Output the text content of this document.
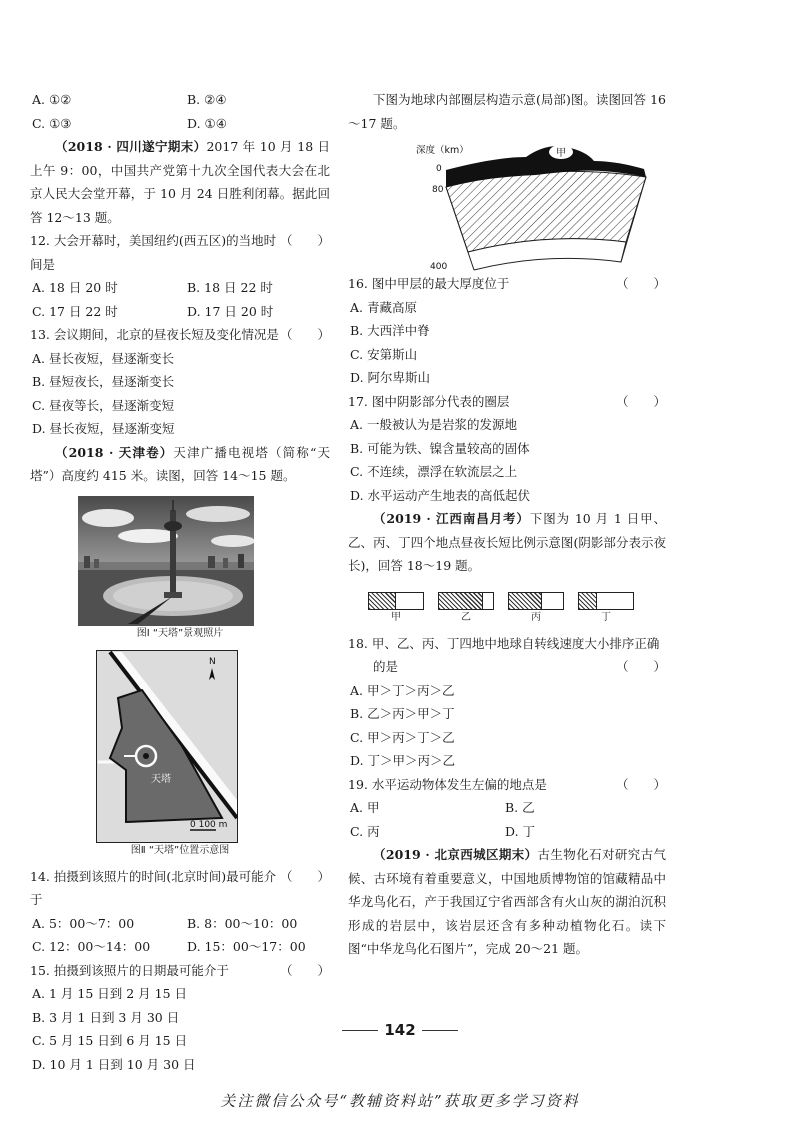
A. ①②	B. ②④
C. ①③	D. ①④
（2018 · 四川遂宁期末）2017 年 10 月 18 日上午 9：00，中国共产党第十九次全国代表大会在北京人民大会堂开幕，于 10 月 24 日胜利闭幕。据此回答 12～13 题。
12. 大会开幕时，美国纽约(西五区)的当地时间是
（　　）
A. 18 日 20 时	B. 18 日 22 时
C. 17 日 22 时	D. 17 日 20 时
13. 会议期间，北京的昼夜长短及变化情况是 （　　）
A. 昼长夜短，昼逐渐变长
B. 昼短夜长，昼逐渐变长
C. 昼夜等长，昼逐渐变短
D. 昼长夜短，昼逐渐变短
（2018 · 天津卷）天津广播电视塔（简称“天塔”）高度约 415 米。读图，回答 14～15 题。
图Ⅰ “天塔”景观照片
天塔
N
0 100 m
图Ⅱ “天塔”位置示意图
14. 拍摄到该照片的时间(北京时间)最可能介于
（　　）
A. 5：00～7：00	B. 8：00～10：00
C. 12：00～14：00	D. 15：00～17：00
15. 拍摄到该照片的日期最可能介于	（　　）
A. 1 月 15 日到 2 月 15 日
B. 3 月 1 日到 3 月 30 日
C. 5 月 15 日到 6 月 15 日
D. 10 月 1 日到 10 月 30 日
下图为地球内部圈层构造示意(局部)图。读图回答 16～17 题。
深度（km）
0
80
400
甲
16. 图中甲层的最大厚度位于	（　　）
A. 青藏高原
B. 大西洋中脊
C. 安第斯山
D. 阿尔卑斯山
17. 图中阴影部分代表的圈层	（　　）
A. 一般被认为是岩浆的发源地
B. 可能为铁、镍含量较高的固体
C. 不连续，漂浮在软流层之上
D. 水平运动产生地表的高低起伏
（2019 · 江西南昌月考）下图为 10 月 1 日甲、乙、丙、丁四个地点昼夜长短比例示意图(阴影部分表示夜长)，回答 18～19 题。
甲	乙	丙	丁
18. 甲、乙、丙、丁四地中地球自转线速度大小排序正确
的是	（　　）
A. 甲＞丁＞丙＞乙
B. 乙＞丙＞甲＞丁
C. 甲＞丙＞丁＞乙
D. 丁＞甲＞丙＞乙
19. 水平运动物体发生左偏的地点是	（　　）
A. 甲	B. 乙
C. 丙	D. 丁
（2019 · 北京西城区期末）古生物化石对研究古气候、古环境有着重要意义，中国地质博物馆的馆藏精品中华龙鸟化石，产于我国辽宁省西部含有火山灰的湖泊沉积形成的岩层中，该岩层还含有多种动植物化石。读下图“中华龙鸟化石图片”，完成 20～21 题。
142
关注微信公众号“教辅资料站”获取更多学习资料
